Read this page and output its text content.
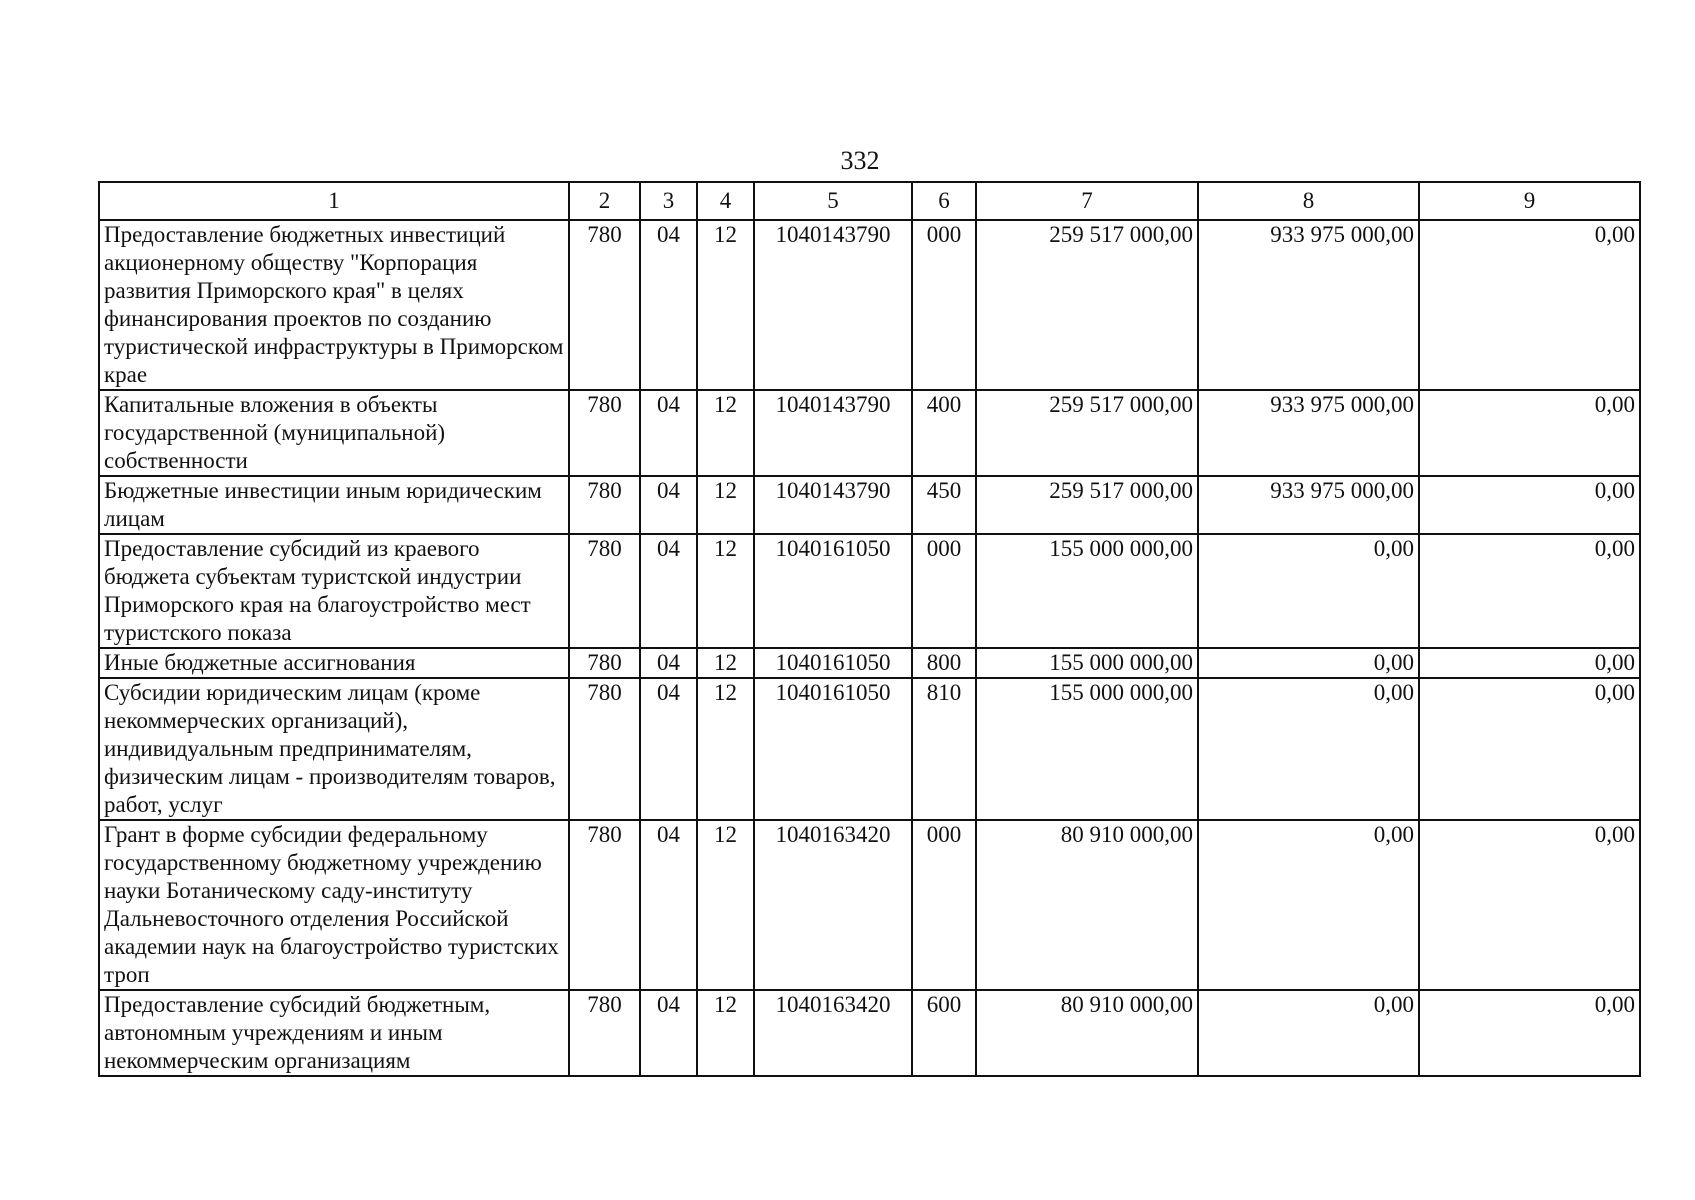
332
1	2	3	4	5	6	7	8	9
Предоставление бюджетных инвестиций акционерному обществу "Корпорация развития Приморского края" в целях финансирования проектов по созданию туристической инфраструктуры в Приморском крае	780	04	12	1040143790	000	259 517 000,00	933 975 000,00	0,00
Капитальные вложения в объекты государственной (муниципальной) собственности	780	04	12	1040143790	400	259 517 000,00	933 975 000,00	0,00
Бюджетные инвестиции иным юридическим лицам	780	04	12	1040143790	450	259 517 000,00	933 975 000,00	0,00
Предоставление субсидий из краевого бюджета субъектам туристской индустрии Приморского края на благоустройство мест туристского показа	780	04	12	1040161050	000	155 000 000,00	0,00	0,00
Иные бюджетные ассигнования	780	04	12	1040161050	800	155 000 000,00	0,00	0,00
Субсидии юридическим лицам (кроме некоммерческих организаций), индивидуальным предпринимателям, физическим лицам - производителям товаров, работ, услуг	780	04	12	1040161050	810	155 000 000,00	0,00	0,00
Грант в форме субсидии федеральному государственному бюджетному учреждению науки Ботаническому саду-институту Дальневосточного отделения Российской академии наук на благоустройство туристских троп	780	04	12	1040163420	000	80 910 000,00	0,00	0,00
Предоставление субсидий бюджетным, автономным учреждениям и иным некоммерческим организациям	780	04	12	1040163420	600	80 910 000,00	0,00	0,00
